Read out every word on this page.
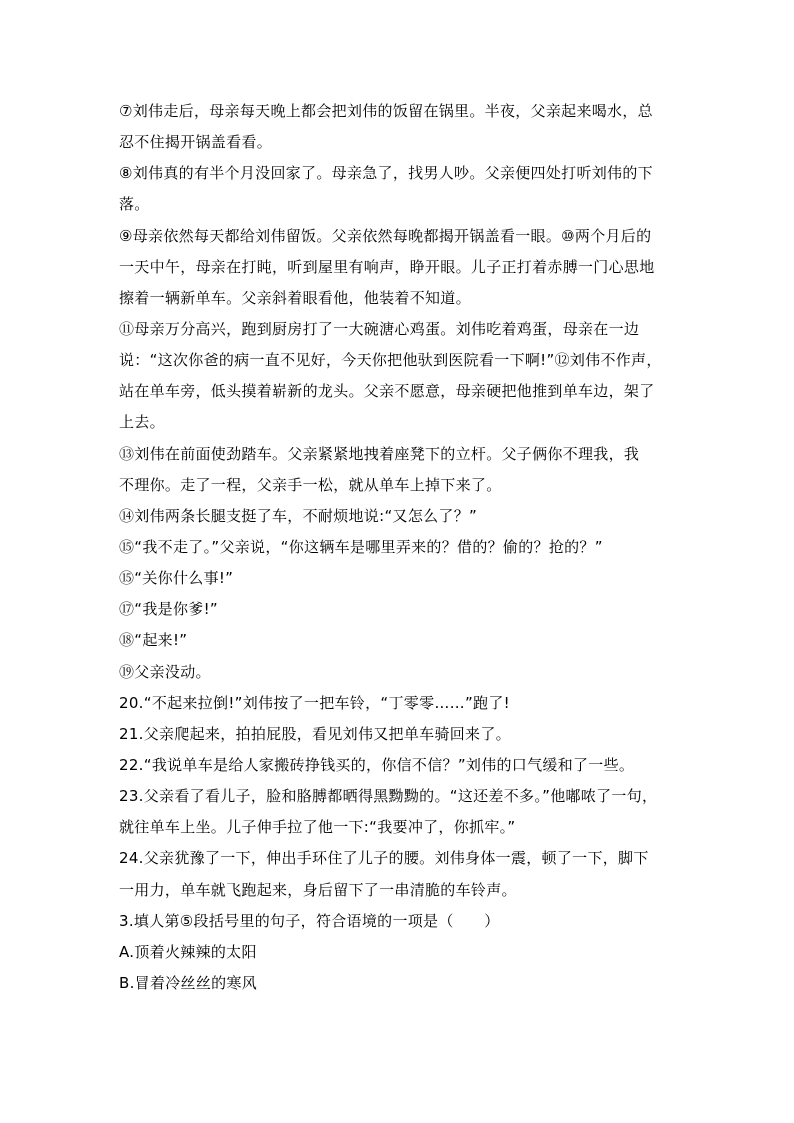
⑦刘伟走后，母亲每天晚上都会把刘伟的饭留在锅里。半夜，父亲起来喝水，总
忍不住揭开锅盖看看。
⑧刘伟真的有半个月没回家了。母亲急了，找男人吵。父亲便四处打听刘伟的下
落。
⑨母亲依然每天都给刘伟留饭。父亲依然每晚都揭开锅盖看一眼。⑩两个月后的
一天中午，母亲在打盹，听到屋里有响声，睁开眼。儿子正打着赤膊一门心思地
擦着一辆新单车。父亲斜着眼看他，他装着不知道。
⑪母亲万分高兴，跑到厨房打了一大碗溏心鸡蛋。刘伟吃着鸡蛋，母亲在一边
说：“这次你爸的病一直不见好，今天你把他驮到医院看一下啊!”⑫刘伟不作声，
站在单车旁，低头摸着崭新的龙头。父亲不愿意，母亲硬把他推到单车边，架了
上去。
⑬刘伟在前面使劲踏车。父亲紧紧地拽着座凳下的立杆。父子俩你不理我，我
不理你。走了一程，父亲手一松，就从单车上掉下来了。
⑭刘伟两条长腿支挺了车，不耐烦地说:“又怎么了？”
⑮“我不走了。”父亲说，“你这辆车是哪里弄来的？借的？偷的？抢的？”
⑮“关你什么事!”
⑰“我是你爹!”
⑱“起来!”
⑲父亲没动。
20.“不起来拉倒!”刘伟按了一把车铃，“丁零零……”跑了!
21.父亲爬起来，拍拍屁股，看见刘伟又把单车骑回来了。
22.“我说单车是给人家搬砖挣钱买的，你信不信？”刘伟的口气缓和了一些。
23.父亲看了看儿子，脸和胳膊都晒得黑黝黝的。“这还差不多。”他嘟哝了一句，
就往单车上坐。儿子伸手拉了他一下:“我要冲了，你抓牢。”
24.父亲犹豫了一下，伸出手环住了儿子的腰。刘伟身体一震，顿了一下，脚下
一用力，单车就飞跑起来，身后留下了一串清脆的车铃声。
3.填人第⑤段括号里的句子，符合语境的一项是（　　）
A.顶着火辣辣的太阳
B.冒着冷丝丝的寒风
